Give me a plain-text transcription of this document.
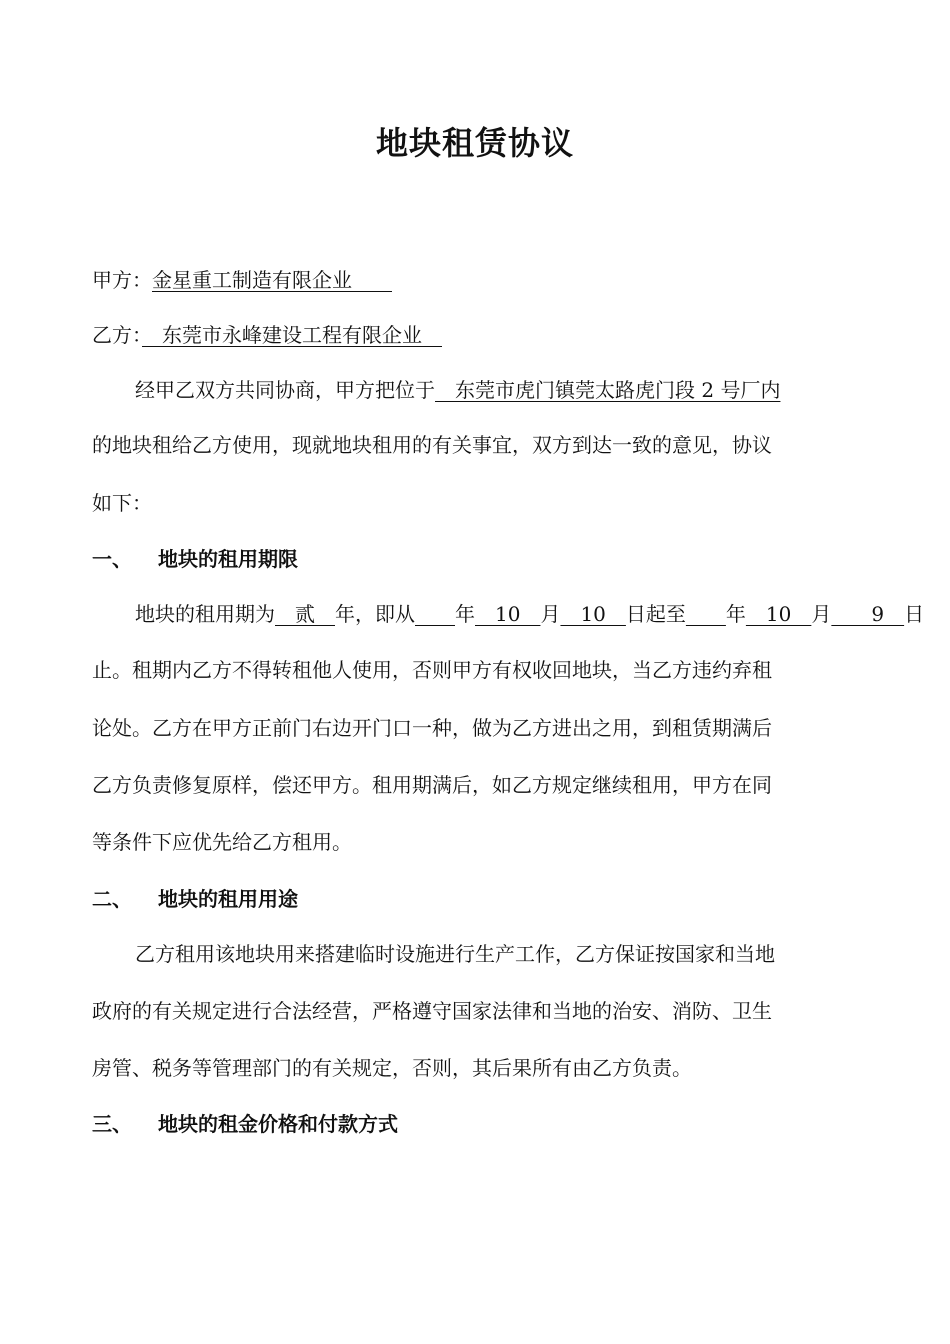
地块租赁协议
甲方：金星重工制造有限企业　　
乙方：　东莞市永峰建设工程有限企业　
经甲乙双方共同协商，甲方把位于　东莞市虎门镇莞太路虎门段 2 号厂内
的地块租给乙方使用，现就地块租用的有关事宜，双方到达一致的意见，协议
如下：
一、 地块的租用期限
地块的租用期为　贰　年，即从　　 年　10　月　10　日起至　　 年　10　月　　9　日
止。租期内乙方不得转租他人使用，否则甲方有权收回地块，当乙方违约弃租
论处。乙方在甲方正前门右边开门口一种，做为乙方进出之用，到租赁期满后
乙方负责修复原样，偿还甲方。租用期满后，如乙方规定继续租用，甲方在同
等条件下应优先给乙方租用。
二、 地块的租用用途
乙方租用该地块用来搭建临时设施进行生产工作，乙方保证按国家和当地
政府的有关规定进行合法经营，严格遵守国家法律和当地的治安、消防、卫生
房管、税务等管理部门的有关规定，否则，其后果所有由乙方负责。
三、 地块的租金价格和付款方式
